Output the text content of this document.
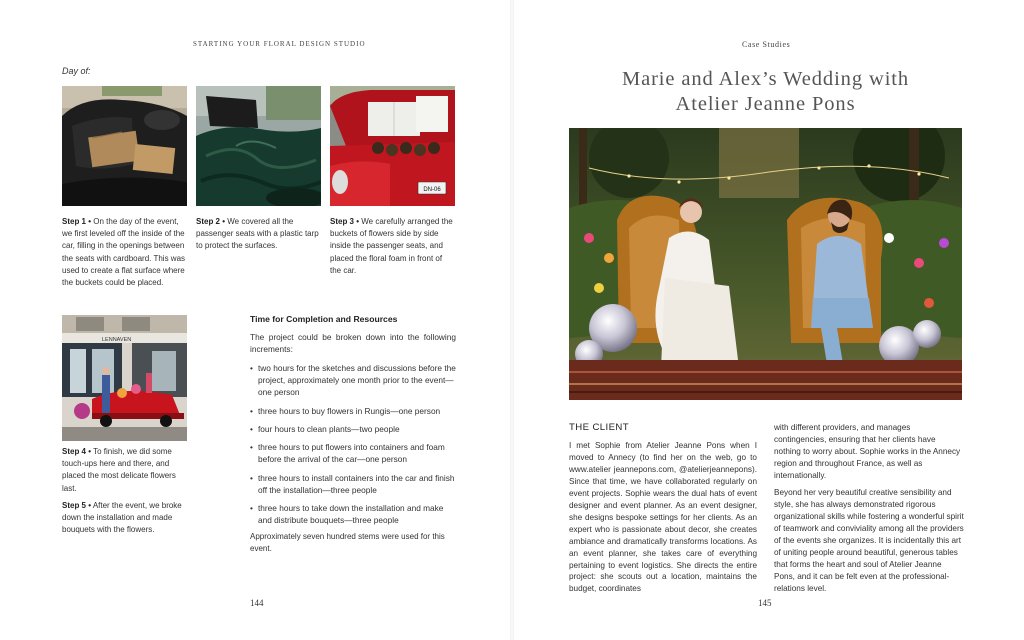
STARTING YOUR FLORAL DESIGN STUDIO
Day of:
DN-06
Step 1 • On the day of the event, we first leveled off the inside of the car, filling in the openings between the seats with cardboard. This was used to create a flat surface where the buckets could be placed.
Step 2 • We covered all the passenger seats with a plastic tarp to protect the surfaces.
Step 3 • We carefully arranged the buckets of flowers side by side inside the passenger seats, and placed the floral foam in front of the car.
LENNAVEN
Step 4 • To finish, we did some touch-ups here and there, and placed the most delicate flowers last.
Step 5 • After the event, we broke down the installation and made bouquets with the flowers.
Time for Completion and Resources
The project could be broken down into the following increments:
• two hours for the sketches and discussions before the project, approximately one month prior to the event—one person
• three hours to buy flowers in Rungis—one person
• four hours to clean plants—two people
• three hours to put flowers into containers and foam before the arrival of the car—one person
• three hours to install containers into the car and finish off the installation—three people
• three hours to take down the installation and make and distribute bouquets—three people
Approximately seven hundred stems were used for this event.
144
Case Studies
Marie and Alex’s Wedding with
Atelier Jeanne Pons
THE CLIENT
I met Sophie from Atelier Jeanne Pons when I moved to Annecy (to find her on the web, go to www.atelier jeannepons.com, @atelierjeannepons). Since that time, we have collaborated regularly on event projects. Sophie wears the dual hats of event designer and event planner. As an event designer, she designs bespoke settings for her clients. As an expert who is passionate about decor, she creates ambiance and dramatically transforms locations. As an event planner, she takes care of everything pertaining to event logistics. She directs the entire project: she scouts out a location, maintains the budget, coordinates

with different providers, and manages contingencies, ensuring that her clients have nothing to worry about. Sophie works in the Annecy region and throughout France, as well as internationally.

Beyond her very beautiful creative sensibility and style, she has always demonstrated rigorous organizational skills while fostering a wonderful spirit of teamwork and conviviality among all the providers of the events she organizes. It is incidentally this art of uniting people around beautiful, generous tables that forms the heart and soul of Atelier Jeanne Pons, and it can be felt even at the professional-relations level.

145
